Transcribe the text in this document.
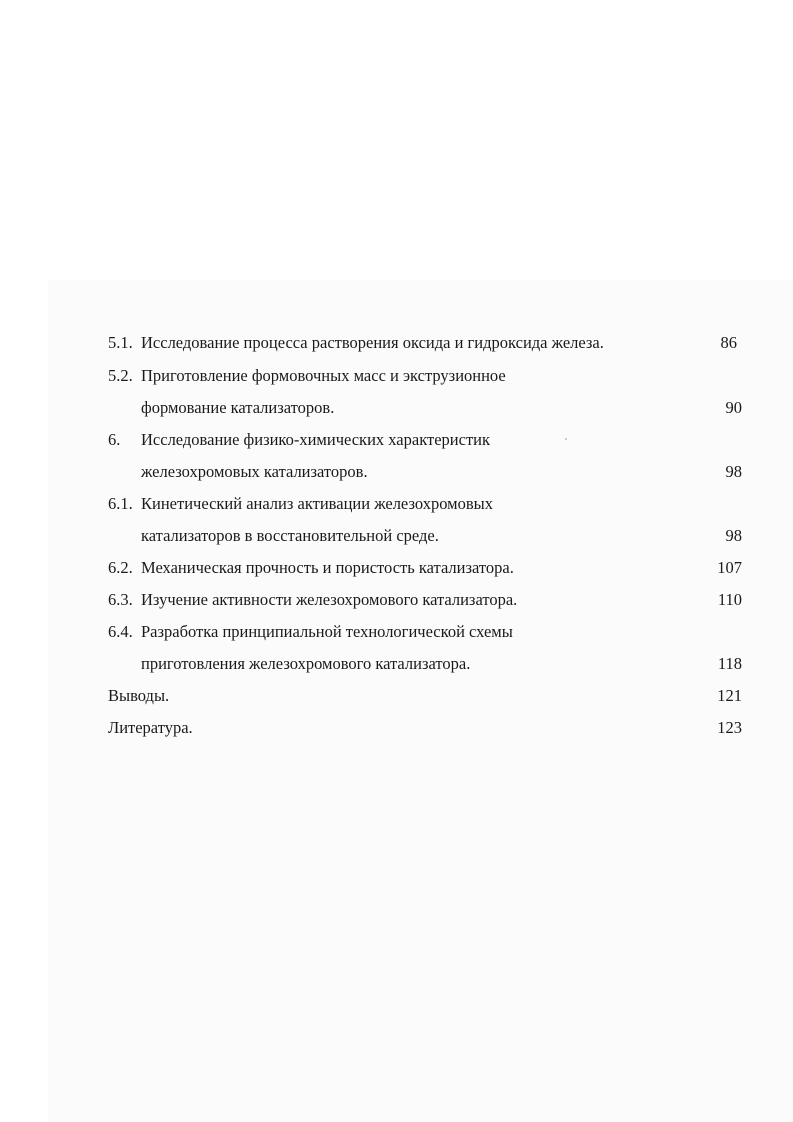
5.1. Исследование процесса растворения оксида и гидроксида железа.	86
5.2. Приготовление формовочных масс и экструзионное
формование катализаторов.	90
6. Исследование физико-химических характеристик
железохромовых катализаторов.	98
6.1. Кинетический анализ активации железохромовых
катализаторов в восстановительной среде.	98
6.2. Механическая прочность и пористость катализатора.	107
6.3. Изучение активности железохромового катализатора.	110
6.4. Разработка принципиальной технологической схемы
приготовления железохромового катализатора.	118
Выводы.	121
Литература.	123
